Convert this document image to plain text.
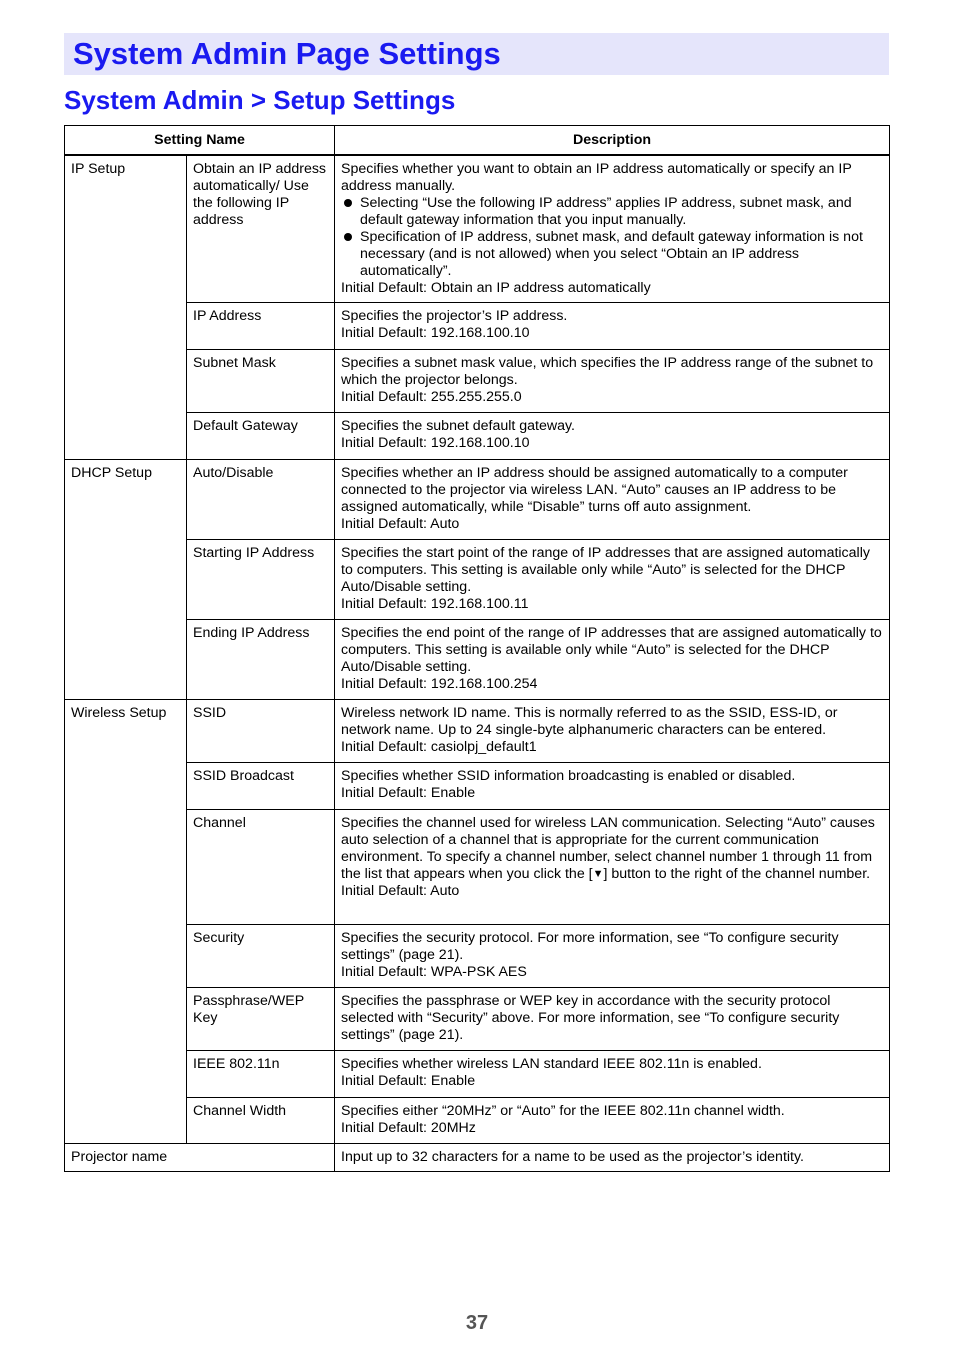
System Admin Page Settings
System Admin > Setup Settings
Setting Name		Description
IP Setup	Obtain an IP address automatically/ Use the following IP address	Specifies whether you want to obtain an IP address automatically or specify an IP address manually.
Selecting “Use the following IP address” applies IP address, subnet mask, and default gateway information that you input manually.
Specification of IP address, subnet mask, and default gateway information is not necessary (and is not allowed) when you select “Obtain an IP address automatically”.
Initial Default: Obtain an IP address automatically

	IP Address	Specifies the projector’s IP address.
Initial Default: 192.168.100.10

	Subnet Mask	Specifies a subnet mask value, which specifies the IP address range of the subnet to which the projector belongs.
Initial Default: 255.255.255.0

	Default Gateway	Specifies the subnet default gateway.
Initial Default: 192.168.100.10

DHCP Setup	Auto/Disable	Specifies whether an IP address should be assigned automatically to a computer connected to the projector via wireless LAN. “Auto” causes an IP address to be assigned automatically, while “Disable” turns off auto assignment.
Initial Default: Auto

	Starting IP Address	Specifies the start point of the range of IP addresses that are assigned automatically to computers. This setting is available only while “Auto” is selected for the DHCP Auto/Disable setting.
Initial Default: 192.168.100.11

	Ending IP Address	Specifies the end point of the range of IP addresses that are assigned automatically to computers. This setting is available only while “Auto” is selected for the DHCP Auto/Disable setting.
Initial Default: 192.168.100.254

Wireless Setup	SSID	Wireless network ID name. This is normally referred to as the SSID, ESS-ID, or network name. Up to 24 single-byte alphanumeric characters can be entered.
Initial Default: casiolpj_default1

	SSID Broadcast	Specifies whether SSID information broadcasting is enabled or disabled.
Initial Default: Enable

	Channel	Specifies the channel used for wireless LAN communication. Selecting “Auto” causes auto selection of a channel that is appropriate for the current communication environment. To specify a channel number, select channel number 1 through 11 from the list that appears when you click the [▼] button to the right of the channel number.
Initial Default: Auto

	Security	Specifies the security protocol. For more information, see “To configure security settings” (page 21).
Initial Default: WPA-PSK AES

	Passphrase/WEP Key	Specifies the passphrase or WEP key in accordance with the security protocol selected with “Security” above. For more information, see “To configure security settings” (page 21).

	IEEE 802.11n	Specifies whether wireless LAN standard IEEE 802.11n is enabled.
Initial Default: Enable

	Channel Width	Specifies either “20MHz” or “Auto” for the IEEE 802.11n channel width.
Initial Default: 20MHz

Projector name		Input up to 32 characters for a name to be used as the projector’s identity.
37
